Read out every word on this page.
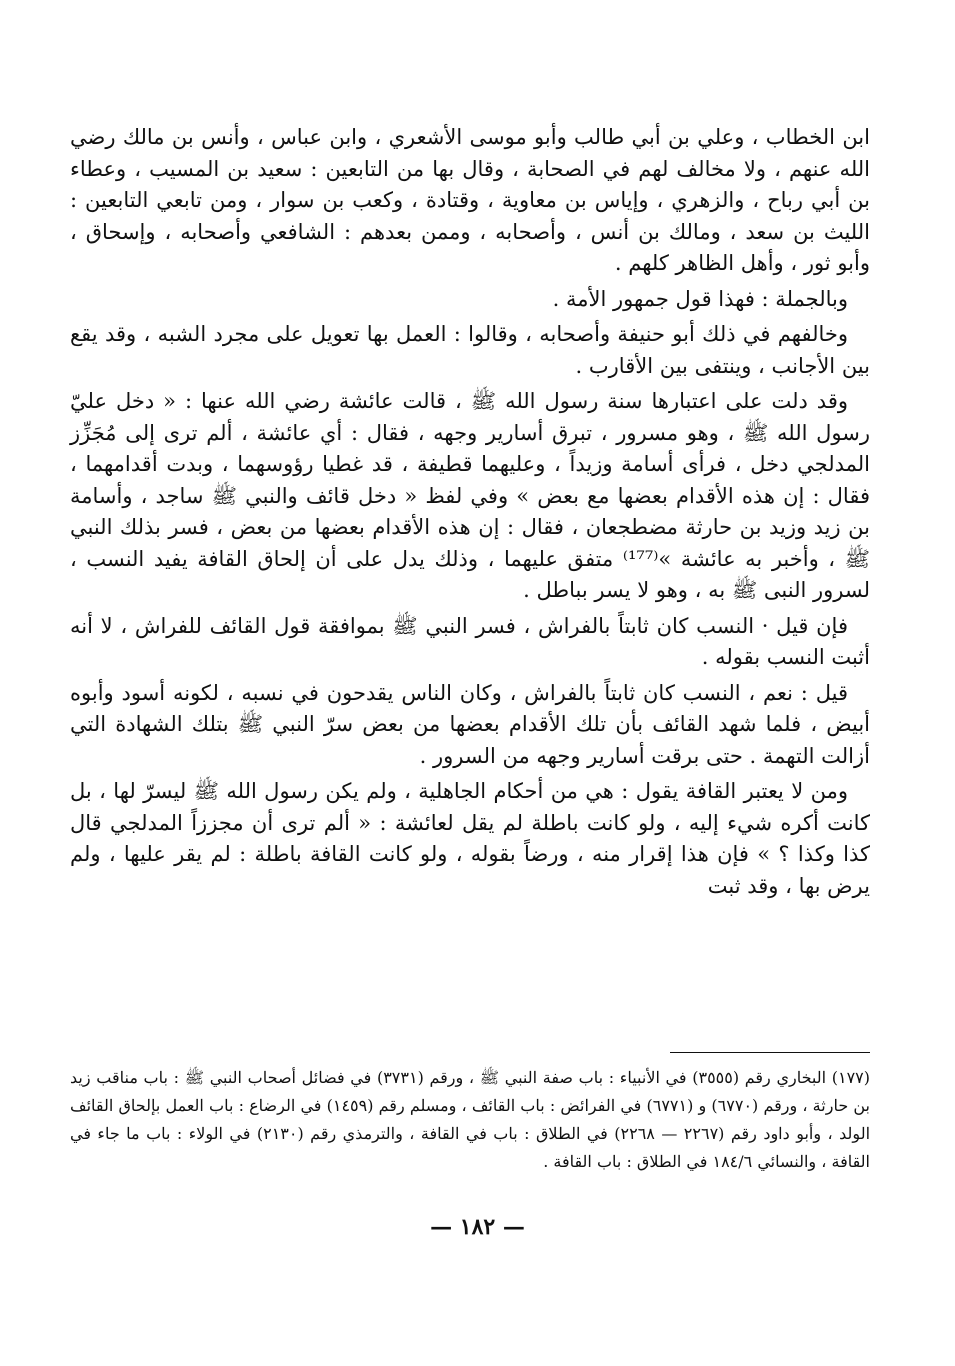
ابن الخطاب ، وعلي بن أبي طالب وأبو موسى الأشعري ، وابن عباس ، وأنس بن مالك رضي الله عنهم ، ولا مخالف لهم في الصحابة ، وقال بها من التابعين : سعيد بن المسيب ، وعطاء بن أبي رباح ، والزهري ، وإياس بن معاوية ، وقتادة ، وكعب بن سوار ، ومن تابعي التابعين : الليث بن سعد ، ومالك بن أنس ، وأصحابه ، وممن بعدهم : الشافعي وأصحابه ، وإسحاق ، وأبو ثور ، وأهل الظاهر كلهم .

وبالجملة : فهذا قول جمهور الأمة .

وخالفهم في ذلك أبو حنيفة وأصحابه ، وقالوا : العمل بها تعويل على مجرد الشبه ، وقد يقع بين الأجانب ، وينتفى بين الأقارب .

وقد دلت على اعتبارها سنة رسول الله ﷺ ، قالت عائشة رضي الله عنها : « دخل عليّ رسول الله ﷺ ، وهو مسرور ، تبرق أسارير وجهه ، فقال : أي عائشة ، ألم ترى إلى مُجَزِّز المدلجي دخل ، فرأى أسامة وزيداً ، وعليهما قطيفة ، قد غطيا رؤوسهما ، وبدت أقدامهما ، فقال : إن هذه الأقدام بعضها مع بعض » وفي لفظ « دخل قائف والنبي ﷺ ساجد ، وأسامة بن زيد وزيد بن حارثة مضطجعان ، فقال : إن هذه الأقدام بعضها من بعض ، فسر بذلك النبي ﷺ ، وأخبر به عائشة »⁽¹⁷⁷⁾ متفق عليهما ، وذلك يدل على أن إلحاق القافة يفيد النسب ، لسرور النبى ﷺ به ، وهو لا يسر بباطل .

فإن قيل · النسب كان ثابتاً بالفراش ، فسر النبي ﷺ بموافقة قول القائف للفراش ، لا أنه أثبت النسب بقوله .

قيل : نعم ، النسب كان ثابتاً بالفراش ، وكان الناس يقدحون في نسبه ، لكونه أسود وأبوه أبيض ، فلما شهد القائف بأن تلك الأقدام بعضها من بعض سرّ النبي ﷺ بتلك الشهادة التي أزالت التهمة . حتى برقت أسارير وجهه من السرور .

ومن لا يعتبر القافة يقول : هي من أحكام الجاهلية ، ولم يكن رسول الله ﷺ ليسرّ لها ، بل كانت أكره شيء إليه ، ولو كانت باطلة لم يقل لعائشة : « ألم ترى أن مجززاً المدلجي قال كذا وكذا ؟ » فإن هذا إقرار منه ، ورضاً بقوله ، ولو كانت القافة باطلة : لم يقر عليها ، ولم يرض بها ، وقد ثبت

(١٧٧) البخاري رقم (٣٥٥٥) في الأنبياء : باب صفة النبي ﷺ ، ورقم (٣٧٣١) في فضائل أصحاب النبي ﷺ : باب مناقب زيد بن حارثة ، ورقم (٦٧٧٠) و (٦٧٧١) في الفرائض : باب القائف ، ومسلم رقم (١٤٥٩) في الرضاع : باب العمل بإلحاق القائف الولد ، وأبو داود رقم (٢٢٦٧ — ٢٢٦٨) في الطلاق : باب في القافة ، والترمذي رقم (٢١٣٠) في الولاء : باب ما جاء في القافة ، والنسائي ١٨٤/٦ في الطلاق : باب القافة .

— ١٨٢ —
